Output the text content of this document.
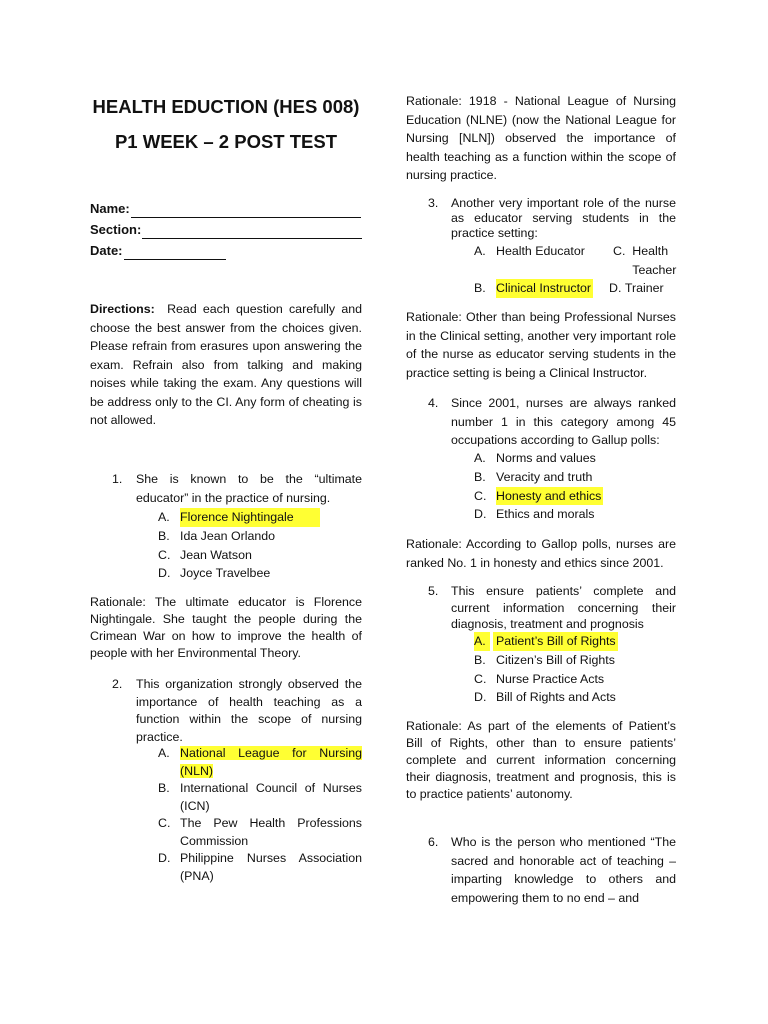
HEALTH EDUCTION (HES 008)
P1 WEEK – 2 POST TEST
Name:
Section:
Date:

Directions: Read each question carefully and choose the best answer from the choices given. Please refrain from erasures upon answering the exam. Refrain also from talking and making noises while taking the exam. Any questions will be address only to the CI. Any form of cheating is not allowed.

1. She is known to be the “ultimate educator” in the practice of nursing.
A. Florence Nightingale
B. Ida Jean Orlando
C. Jean Watson
D. Joyce Travelbee

Rationale: The ultimate educator is Florence Nightingale. She taught the people during the Crimean War on how to improve the health of people with her Environmental Theory.

2. This organization strongly observed the importance of health teaching as a function within the scope of nursing practice.
A. National League for Nursing (NLN)
B. International Council of Nurses (ICN)
C. The Pew Health Professions Commission
D. Philippine Nurses Association (PNA)

Rationale: 1918 - National League of Nursing Education (NLNE) (now the National League for Nursing [NLN]) observed the importance of health teaching as a function within the scope of nursing practice.

3. Another very important role of the nurse as educator serving students in the practice setting:
A. Health Educator C. Health Teacher
B. Clinical Instructor D. Trainer

Rationale: Other than being Professional Nurses in the Clinical setting, another very important role of the nurse as educator serving students in the practice setting is being a Clinical Instructor.

4. Since 2001, nurses are always ranked number 1 in this category among 45 occupations according to Gallup polls:
A. Norms and values
B. Veracity and truth
C. Honesty and ethics
D. Ethics and morals

Rationale: According to Gallop polls, nurses are ranked No. 1 in honesty and ethics since 2001.

5. This ensure patients’ complete and current information concerning their diagnosis, treatment and prognosis
A. Patient’s Bill of Rights
B. Citizen’s Bill of Rights
C. Nurse Practice Acts
D. Bill of Rights and Acts

Rationale: As part of the elements of Patient’s Bill of Rights, other than to ensure patients’ complete and current information concerning their diagnosis, treatment and prognosis, this is to practice patients’ autonomy.

6. Who is the person who mentioned “The sacred and honorable act of teaching – imparting knowledge to others and empowering them to no end – and
